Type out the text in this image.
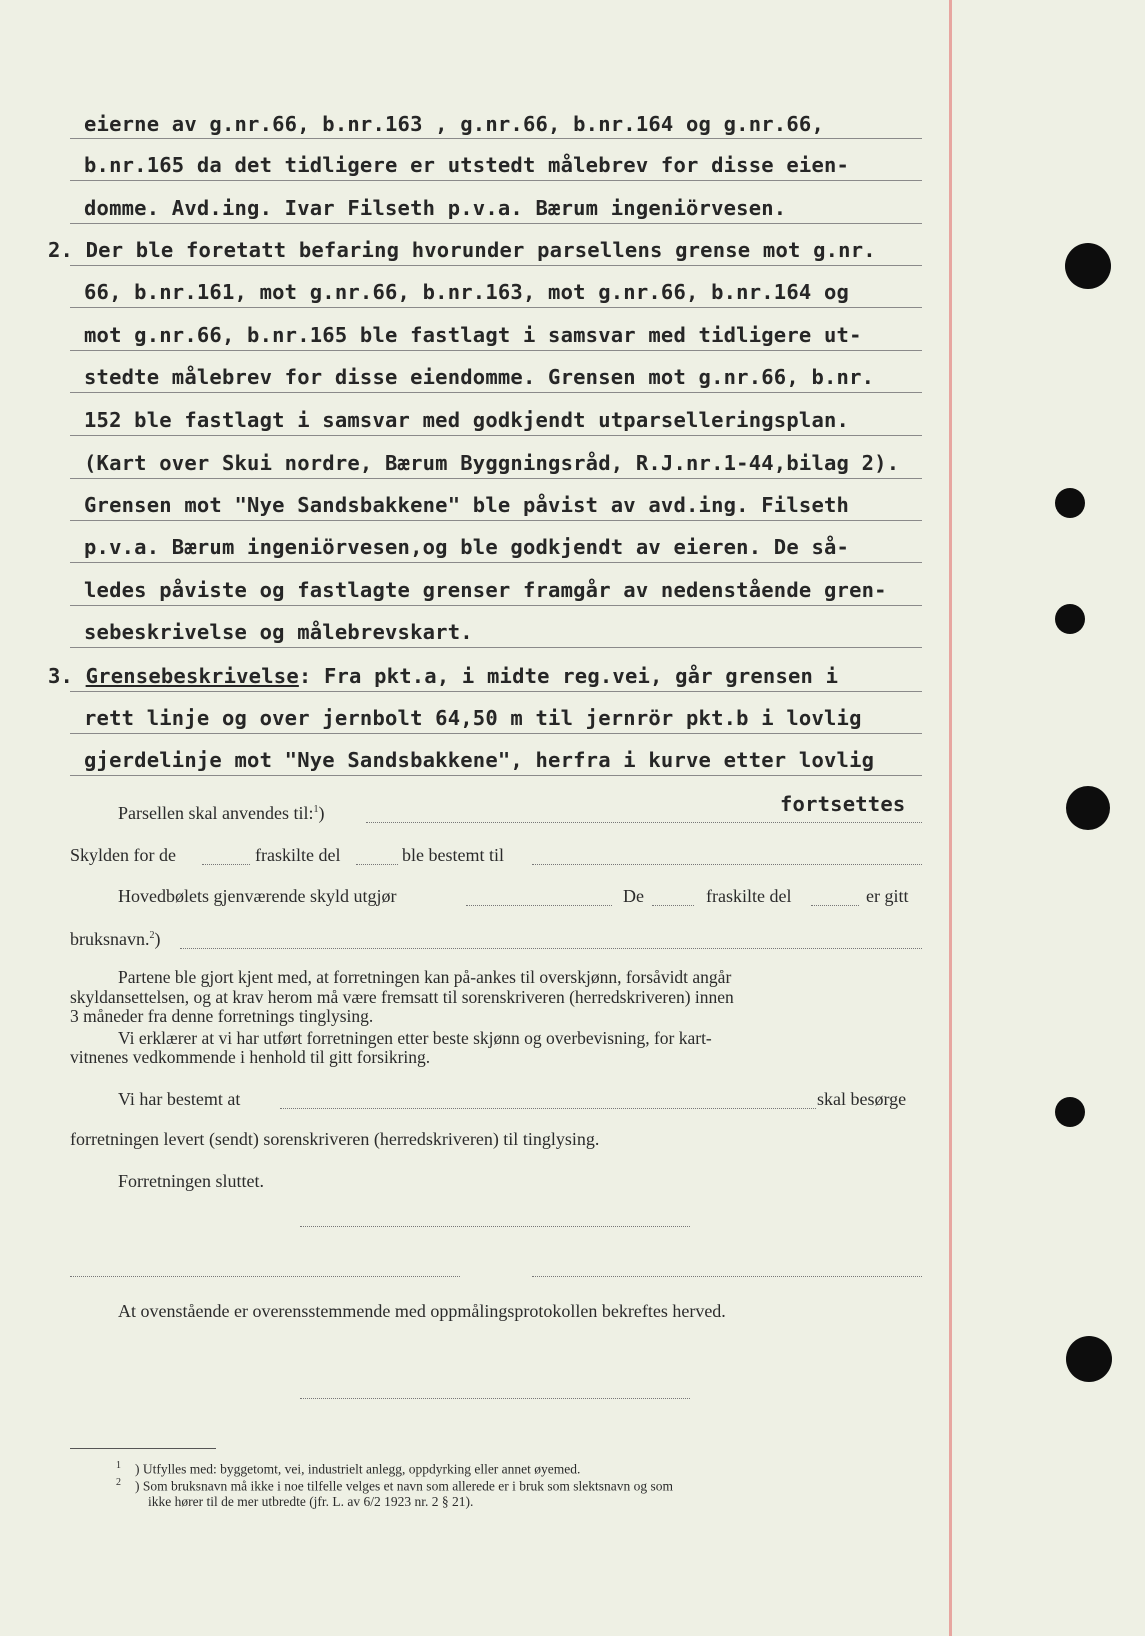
eierne av g.nr.66, b.nr.163 , g.nr.66, b.nr.164 og g.nr.66,
b.nr.165 da det tidligere er utstedt målebrev for disse eien-
domme. Avd.ing. Ivar Filseth p.v.a. Bærum ingeniörvesen.
2. Der ble foretatt befaring hvorunder parsellens grense mot g.nr.
66, b.nr.161, mot g.nr.66, b.nr.163, mot g.nr.66, b.nr.164 og
mot g.nr.66, b.nr.165 ble fastlagt i samsvar med tidligere ut-
stedte målebrev for disse eiendomme. Grensen mot g.nr.66, b.nr.
152 ble fastlagt i samsvar med godkjendt utparselleringsplan.
(Kart over Skui nordre, Bærum Byggningsråd, R.J.nr.1-44,bilag 2).
Grensen mot "Nye Sandsbakkene" ble påvist av avd.ing. Filseth
p.v.a. Bærum ingeniörvesen,og ble godkjendt av eieren. De så-
ledes påviste og fastlagte grenser framgår av nedenstående gren-
sebeskrivelse og målebrevskart.
3. Grensebeskrivelse: Fra pkt.a, i midte reg.vei, går grensen i
rett linje og over jernbolt 64,50 m til jernrör pkt.b i lovlig
gjerdelinje mot "Nye Sandsbakkene", herfra i kurve etter lovlig
fortsettes
Parsellen skal anvendes til:$^1$)
Skylden for de	fraskilte del	ble bestemt til
Hovedbølets gjenværende skyld utgjør	De	fraskilte del	er gitt
bruksnavn.$^2$)
Partene ble gjort kjent med, at forretningen kan på-ankes til overskjønn, forsåvidt angår
skyldansettelsen, og at krav herom må være fremsatt til sorenskriveren (herredskriveren) innen
3 måneder fra denne forretnings tinglysing.
Vi erklærer at vi har utført forretningen etter beste skjønn og overbevisning, for kart-
vitnenes vedkommende i henhold til gitt forsikring.
Vi har bestemt at	skal besørge
forretningen levert (sendt) sorenskriveren (herredskriveren) til tinglysing.
Forretningen sluttet.
At ovenstående er overensstemmende med oppmålingsprotokollen bekreftes herved.
$^1$ ) Utfylles med: byggetomt, vei, industrielt anlegg, oppdyrking eller annet øyemed.
$^2$ ) Som bruksnavn må ikke i noe tilfelle velges et navn som allerede er i bruk som slektsnavn og som
ikke hører til de mer utbredte (jfr. L. av 6/2 1923 nr. 2 § 21).
